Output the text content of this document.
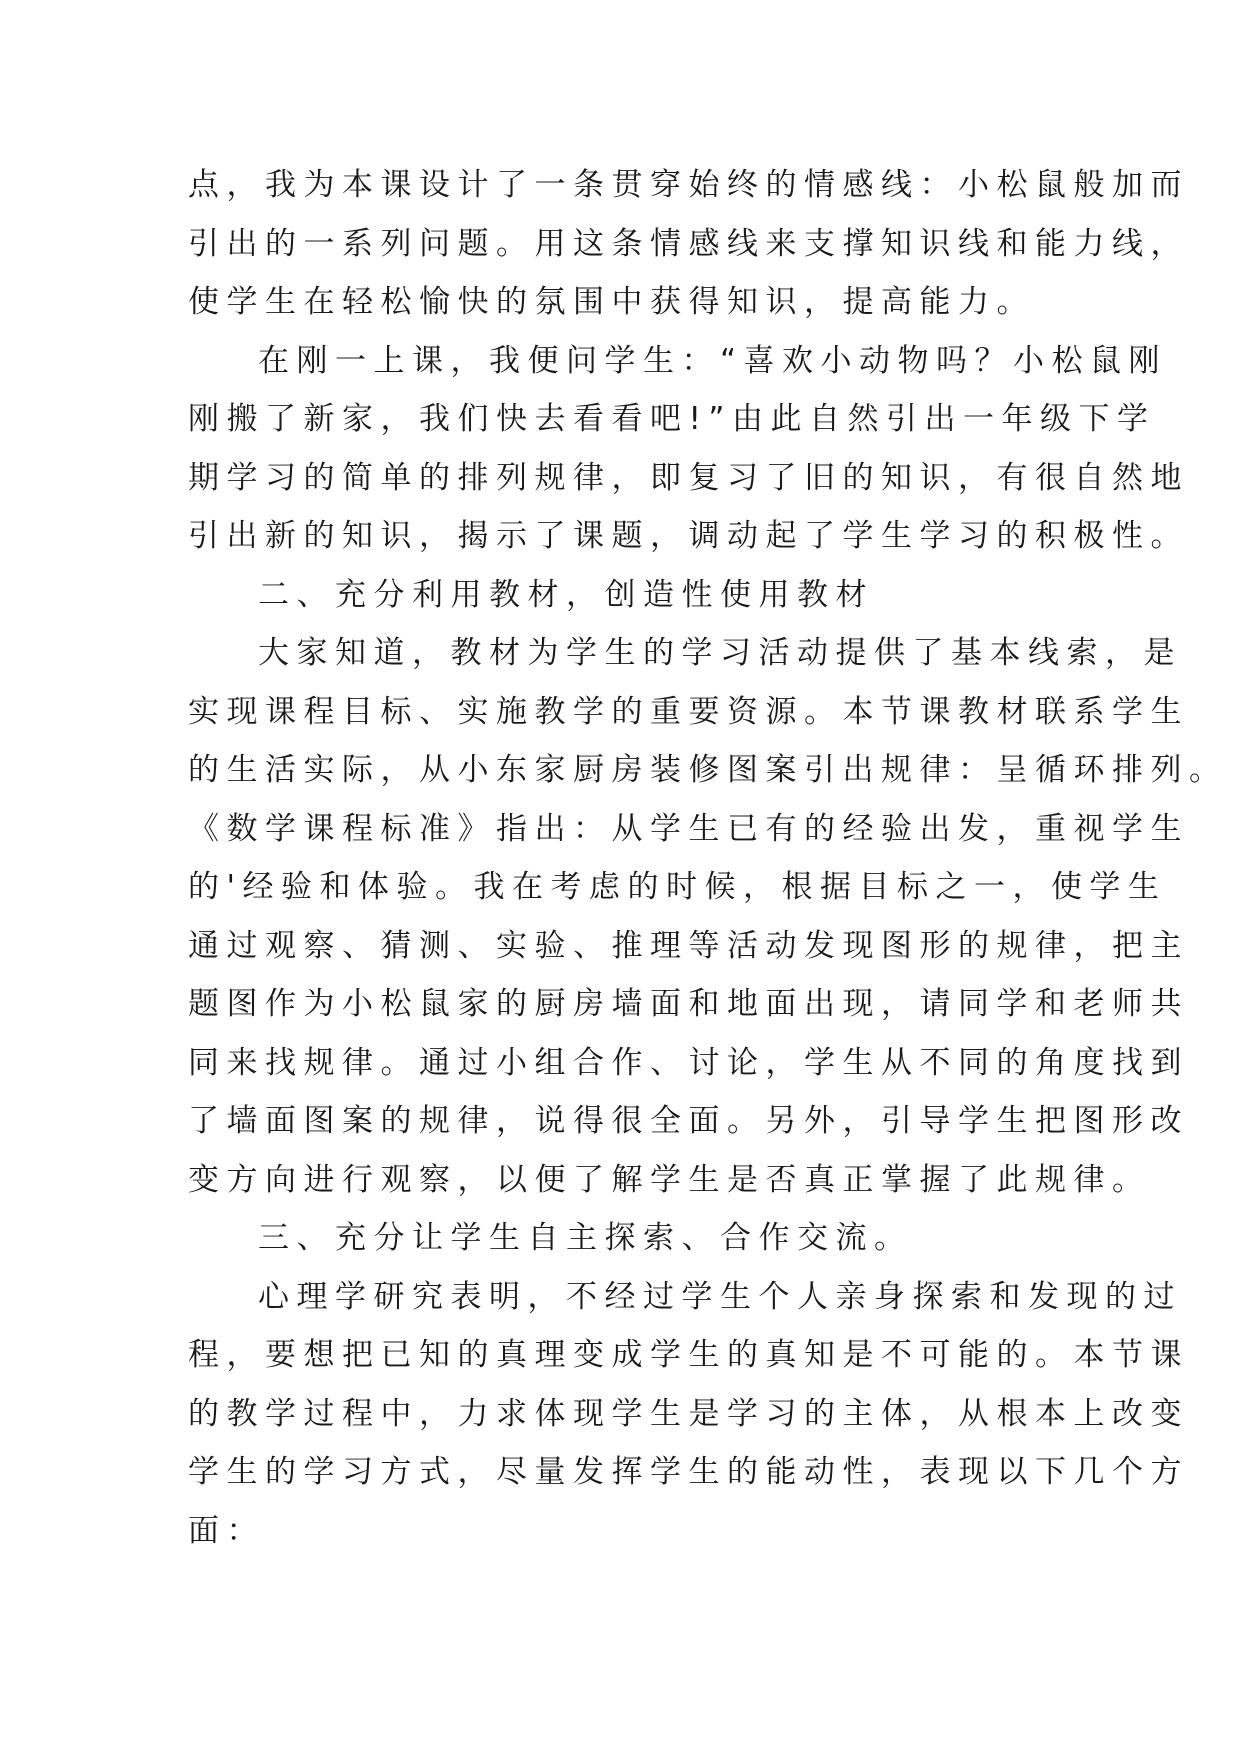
点，我为本课设计了一条贯穿始终的情感线：小松鼠般加而
引出的一系列问题。用这条情感线来支撑知识线和能力线，
使学生在轻松愉快的氛围中获得知识，提高能力。
在刚一上课，我便问学生：“喜欢小动物吗？小松鼠刚
刚搬了新家，我们快去看看吧!”由此自然引出一年级下学
期学习的简单的排列规律，即复习了旧的知识，有很自然地
引出新的知识，揭示了课题，调动起了学生学习的积极性。
二、充分利用教材，创造性使用教材
大家知道，教材为学生的学习活动提供了基本线索，是
实现课程目标、实施教学的重要资源。本节课教材联系学生
的生活实际，从小东家厨房装修图案引出规律：呈循环排列。
《数学课程标准》指出：从学生已有的经验出发，重视学生
的'经验和体验。我在考虑的时候，根据目标之一，使学生
通过观察、猜测、实验、推理等活动发现图形的规律，把主
题图作为小松鼠家的厨房墙面和地面出现，请同学和老师共
同来找规律。通过小组合作、讨论，学生从不同的角度找到
了墙面图案的规律，说得很全面。另外，引导学生把图形改
变方向进行观察，以便了解学生是否真正掌握了此规律。
三、充分让学生自主探索、合作交流。
心理学研究表明，不经过学生个人亲身探索和发现的过
程，要想把已知的真理变成学生的真知是不可能的。本节课
的教学过程中，力求体现学生是学习的主体，从根本上改变
学生的学习方式，尽量发挥学生的能动性，表现以下几个方
面：
